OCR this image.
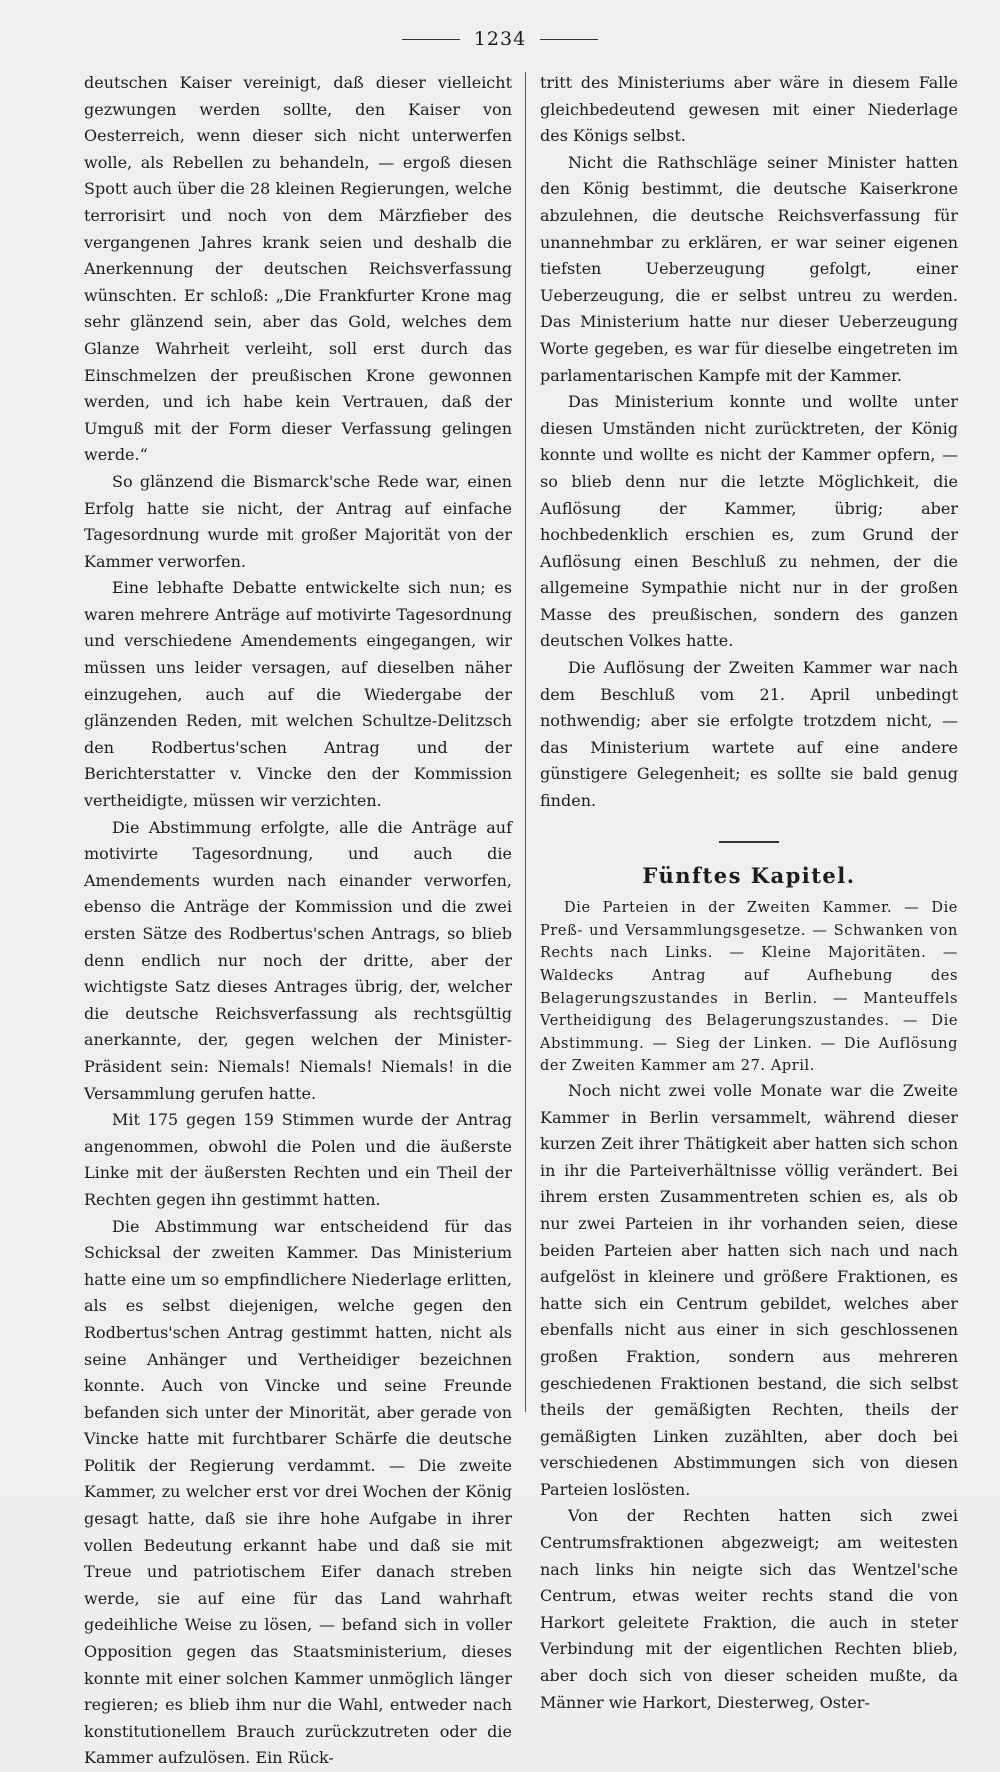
1234

deutschen Kaiser vereinigt, daß dieser vielleicht gezwungen werden sollte, den Kaiser von Oesterreich, wenn dieser sich nicht unterwerfen wolle, als Rebellen zu behandeln, — ergoß diesen Spott auch über die 28 kleinen Regierungen, welche terrorisirt und noch von dem Märzfieber des vergangenen Jahres krank seien und deshalb die Anerkennung der deutschen Reichsverfassung wünschten. Er schloß: „Die Frankfurter Krone mag sehr glänzend sein, aber das Gold, welches dem Glanze Wahrheit verleiht, soll erst durch das Einschmelzen der preußischen Krone gewonnen werden, und ich habe kein Vertrauen, daß der Umguß mit der Form dieser Verfassung gelingen werde.“

So glänzend die Bismarck'sche Rede war, einen Erfolg hatte sie nicht, der Antrag auf einfache Tagesordnung wurde mit großer Majorität von der Kammer verworfen.

Eine lebhafte Debatte entwickelte sich nun; es waren mehrere Anträge auf motivirte Tagesordnung und verschiedene Amendements eingegangen, wir müssen uns leider versagen, auf dieselben näher einzugehen, auch auf die Wiedergabe der glänzenden Reden, mit welchen Schultze-Delitzsch den Rodbertus'schen Antrag und der Berichterstatter v. Vincke den der Kommission vertheidigte, müssen wir verzichten.

Die Abstimmung erfolgte, alle die Anträge auf motivirte Tagesordnung, und auch die Amendements wurden nach einander verworfen, ebenso die Anträge der Kommission und die zwei ersten Sätze des Rodbertus'schen Antrags, so blieb denn endlich nur noch der dritte, aber der wichtigste Satz dieses Antrages übrig, der, welcher die deutsche Reichsverfassung als rechtsgültig anerkannte, der, gegen welchen der Minister-Präsident sein: Niemals! Niemals! Niemals! in die Versammlung gerufen hatte.

Mit 175 gegen 159 Stimmen wurde der Antrag angenommen, obwohl die Polen und die äußerste Linke mit der äußersten Rechten und ein Theil der Rechten gegen ihn gestimmt hatten.

Die Abstimmung war entscheidend für das Schicksal der zweiten Kammer. Das Ministerium hatte eine um so empfindlichere Niederlage erlitten, als es selbst diejenigen, welche gegen den Rodbertus'schen Antrag gestimmt hatten, nicht als seine Anhänger und Vertheidiger bezeichnen konnte. Auch von Vincke und seine Freunde befanden sich unter der Minorität, aber gerade von Vincke hatte mit furchtbarer Schärfe die deutsche Politik der Regierung verdammt. — Die zweite Kammer, zu welcher erst vor drei Wochen der König gesagt hatte, daß sie ihre hohe Aufgabe in ihrer vollen Bedeutung erkannt habe und daß sie mit Treue und patriotischem Eifer danach streben werde, sie auf eine für das Land wahrhaft gedeihliche Weise zu lösen, — befand sich in voller Opposition gegen das Staatsministerium, dieses konnte mit einer solchen Kammer unmöglich länger regieren; es blieb ihm nur die Wahl, entweder nach konstitutionellem Brauch zurückzutreten oder die Kammer aufzulösen. Ein Rück-

tritt des Ministeriums aber wäre in diesem Falle gleichbedeutend gewesen mit einer Niederlage des Königs selbst.

Nicht die Rathschläge seiner Minister hatten den König bestimmt, die deutsche Kaiserkrone abzulehnen, die deutsche Reichsverfassung für unannehmbar zu erklären, er war seiner eigenen tiefsten Ueberzeugung gefolgt, einer Ueberzeugung, die er selbst untreu zu werden. Das Ministerium hatte nur dieser Ueberzeugung Worte gegeben, es war für dieselbe eingetreten im parlamentarischen Kampfe mit der Kammer.

Das Ministerium konnte und wollte unter diesen Umständen nicht zurücktreten, der König konnte und wollte es nicht der Kammer opfern, — so blieb denn nur die letzte Möglichkeit, die Auflösung der Kammer, übrig; aber hochbedenklich erschien es, zum Grund der Auflösung einen Beschluß zu nehmen, der die allgemeine Sympathie nicht nur in der großen Masse des preußischen, sondern des ganzen deutschen Volkes hatte.

Die Auflösung der Zweiten Kammer war nach dem Beschluß vom 21. April unbedingt nothwendig; aber sie erfolgte trotzdem nicht, — das Ministerium wartete auf eine andere günstigere Gelegenheit; es sollte sie bald genug finden.

Fünftes Kapitel.

Die Parteien in der Zweiten Kammer. — Die Preß- und Versammlungsgesetze. — Schwanken von Rechts nach Links. — Kleine Majoritäten. — Waldecks Antrag auf Aufhebung des Belagerungszustandes in Berlin. — Manteuffels Vertheidigung des Belagerungszustandes. — Die Abstimmung. — Sieg der Linken. — Die Auflösung der Zweiten Kammer am 27. April.

Noch nicht zwei volle Monate war die Zweite Kammer in Berlin versammelt, während dieser kurzen Zeit ihrer Thätigkeit aber hatten sich schon in ihr die Parteiverhältnisse völlig verändert. Bei ihrem ersten Zusammentreten schien es, als ob nur zwei Parteien in ihr vorhanden seien, diese beiden Parteien aber hatten sich nach und nach aufgelöst in kleinere und größere Fraktionen, es hatte sich ein Centrum gebildet, welches aber ebenfalls nicht aus einer in sich geschlossenen großen Fraktion, sondern aus mehreren geschiedenen Fraktionen bestand, die sich selbst theils der gemäßigten Rechten, theils der gemäßigten Linken zuzählten, aber doch bei verschiedenen Abstimmungen sich von diesen Parteien loslösten.

Von der Rechten hatten sich zwei Centrumsfraktionen abgezweigt; am weitesten nach links hin neigte sich das Wentzel'sche Centrum, etwas weiter rechts stand die von Harkort geleitete Fraktion, die auch in steter Verbindung mit der eigentlichen Rechten blieb, aber doch sich von dieser scheiden mußte, da Männer wie Harkort, Diesterweg, Oster-
